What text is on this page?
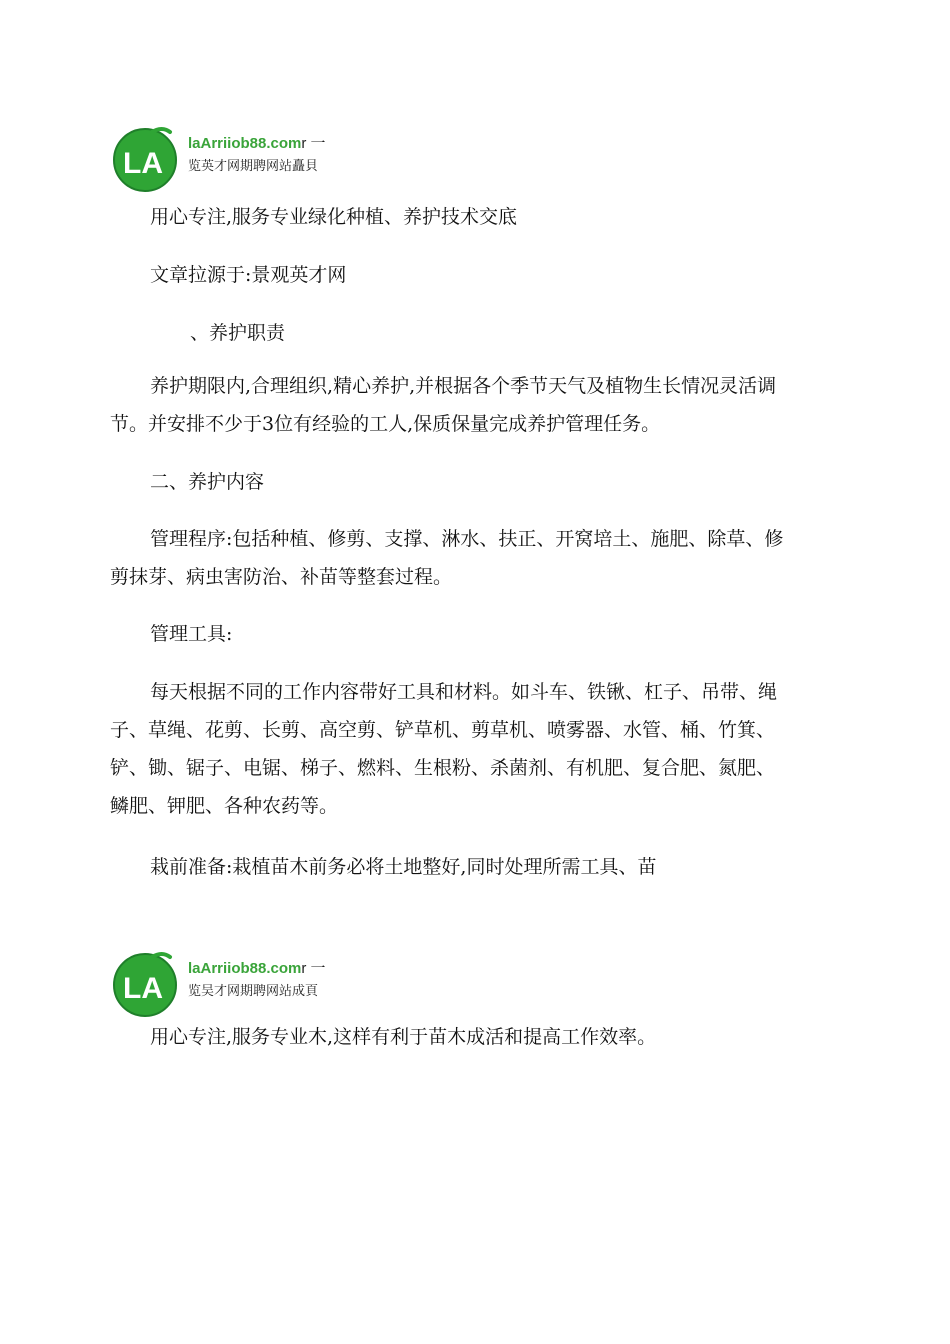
LA
laArriiob88.comr 一
览英才网期聘网站矗貝
用心专注,服务专业绿化种植、养护技术交底
文章拉源于:景观英才网
、养护职责
养护期限内,合理组织,精心养护,并根据各个季节天气及植物生长情况灵活调
节。并安排不少于3位有经验的工人,保质保量完成养护管理任务。
二、养护内容
管理程序:包括种植、修剪、支撑、淋水、扶正、开窝培土、施肥、除草、修
剪抹芽、病虫害防治、补苗等整套过程。
管理工具:
每天根据不同的工作内容带好工具和材料。如斗车、铁锹、杠子、吊带、绳
子、草绳、花剪、长剪、高空剪、铲草机、剪草机、喷雾器、水管、桶、竹箕、
铲、锄、锯子、电锯、梯子、燃料、生根粉、杀菌剂、有机肥、复合肥、氮肥、
鳞肥、钾肥、各种农药等。
栽前准备:栽植苗木前务必将土地整好,同时处理所需工具、苗
LA
laArriiob88.comr 一
览吴才网期聘网站成頁
用心专注,服务专业木,这样有利于苗木成活和提高工作效率。
